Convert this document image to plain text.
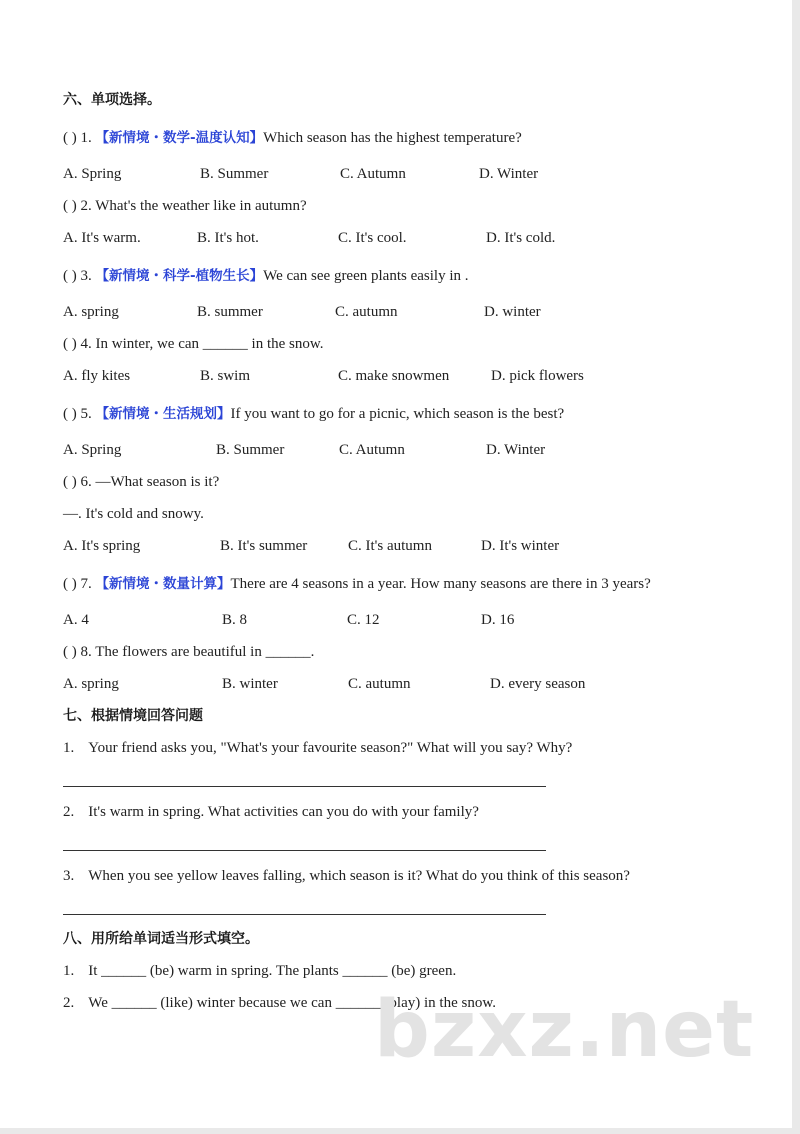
六、单项选择。
( ) 1. 【新情境・数学-温度认知】Which season has the highest temperature?
A. Spring	B. Summer	C. Autumn	D. Winter
( ) 2. What's the weather like in autumn?
A. It's warm.	B. It's hot.	C. It's cool.	D. It's cold.
( ) 3. 【新情境・科学-植物生长】We can see green plants easily in .
A. spring	B. summer	C. autumn	D. winter
( ) 4. In winter, we can ______ in the snow.
A. fly kites	B. swim	C. make snowmen	D. pick flowers
( ) 5. 【新情境・生活规划】If you want to go for a picnic, which season is the best?
A. Spring	B. Summer	C. Autumn	D. Winter
( ) 6. —What season is it?
—. It's cold and snowy.
A. It's spring	B. It's summer	C. It's autumn	D. It's winter
( ) 7. 【新情境・数量计算】There are 4 seasons in a year. How many seasons are there in 3 years?
A. 4	B. 8	C. 12	D. 16
( ) 8. The flowers are beautiful in ______.
A. spring	B. winter	C. autumn	D. every season
七、根据情境回答问题
1. Your friend asks you, "What's your favourite season?" What will you say? Why?
2. It's warm in spring. What activities can you do with your family?
3. When you see yellow leaves falling, which season is it? What do you think of this season?
八、用所给单词适当形式填空。
1. It ______ (be) warm in spring. The plants ______ (be) green.
2. We ______ (like) winter because we can ______ (play) in the snow.
bzxz.net
